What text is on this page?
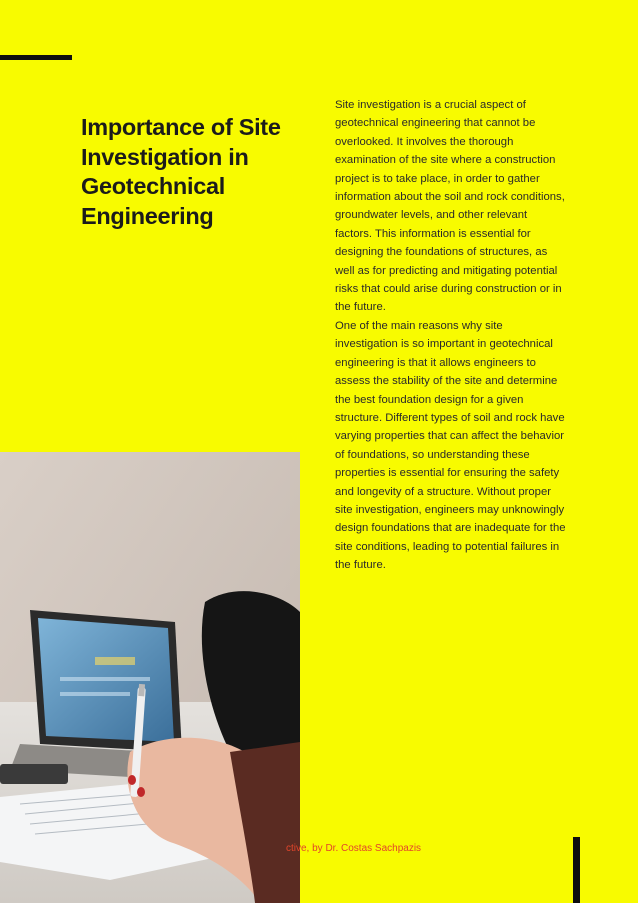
Importance of Site Investigation in Geotechnical Engineering

Site investigation is a crucial aspect of geotechnical engineering that cannot be overlooked. It involves the thorough examination of the site where a construction project is to take place, in order to gather information about the soil and rock conditions, groundwater levels, and other relevant factors. This information is essential for designing the foundations of structures, as well as for predicting and mitigating potential risks that could arise during construction or in the future.

One of the main reasons why site investigation is so important in geotechnical engineering is that it allows engineers to assess the stability of the site and determine the best foundation design for a given structure. Different types of soil and rock have varying properties that can affect the behavior of foundations, so understanding these properties is essential for ensuring the safety and longevity of a structure. Without proper site investigation, engineers may unknowingly design foundations that are inadequate for the site conditions, leading to potential failures in the future.

ctive, by Dr. Costas Sachpazis
